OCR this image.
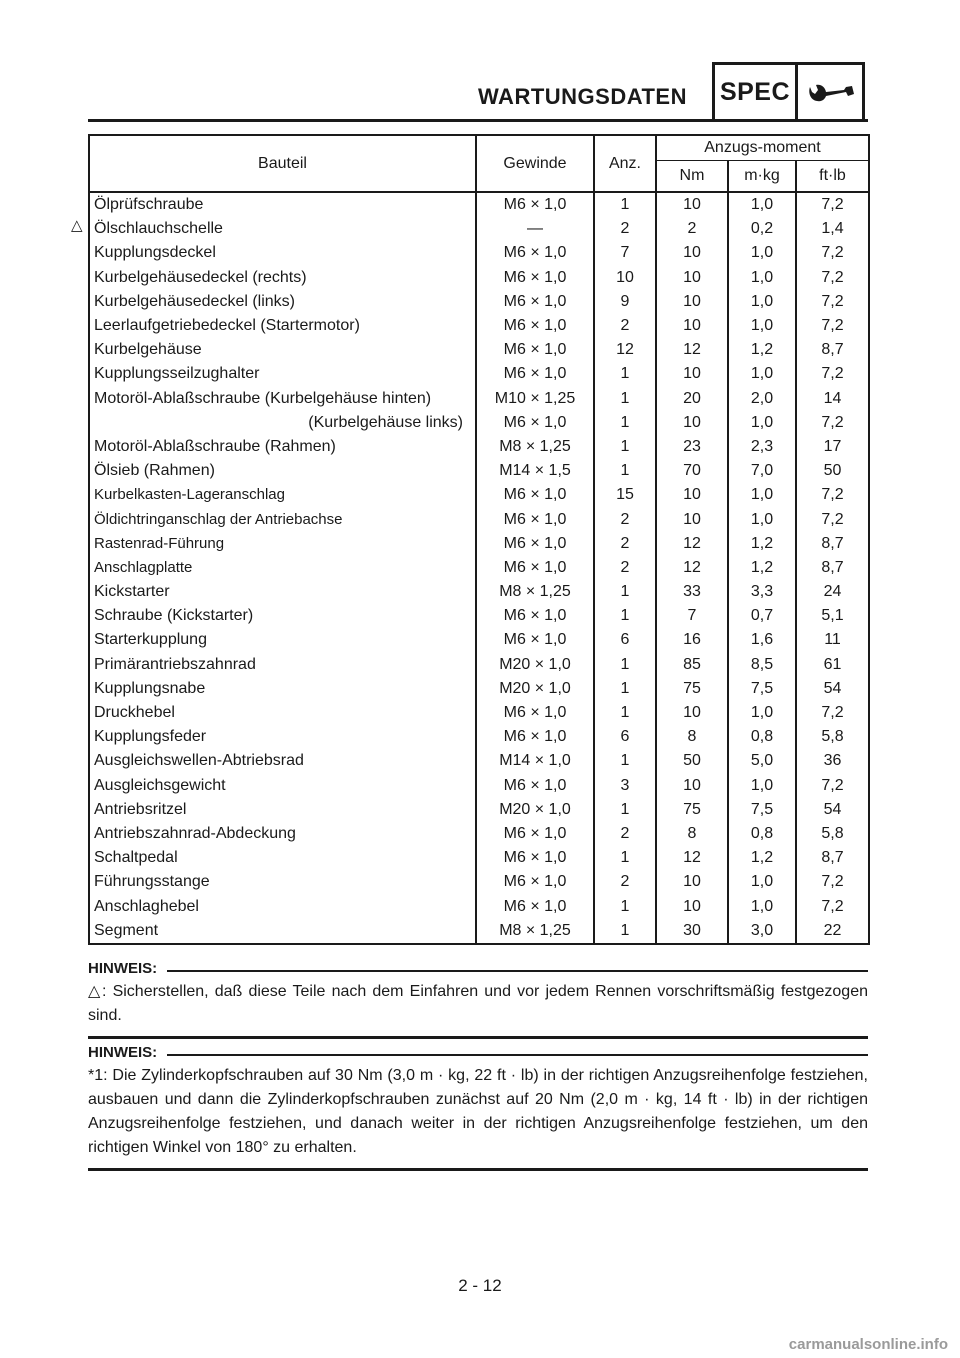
WARTUNGSDATEN SPEC
△
Bauteil	Gewinde	Anz.	Anzugs-moment		
			Nm	m·kg	ft·lb
Ölprüfschraube	M6 × 1,0	1	10	1,0	7,2
Ölschlauchschelle	—	2	2	0,2	1,4
Kupplungsdeckel	M6 × 1,0	7	10	1,0	7,2
Kurbelgehäusedeckel (rechts)	M6 × 1,0	10	10	1,0	7,2
Kurbelgehäusedeckel (links)	M6 × 1,0	9	10	1,0	7,2
Leerlaufgetriebedeckel (Startermotor)	M6 × 1,0	2	10	1,0	7,2
Kurbelgehäuse	M6 × 1,0	12	12	1,2	8,7
Kupplungsseilzughalter	M6 × 1,0	1	10	1,0	7,2
Motoröl-Ablaßschraube (Kurbelgehäuse hinten)	M10 × 1,25	1	20	2,0	14
(Kurbelgehäuse links)	M6 × 1,0	1	10	1,0	7,2
Motoröl-Ablaßschraube (Rahmen)	M8 × 1,25	1	23	2,3	17
Ölsieb (Rahmen)	M14 × 1,5	1	70	7,0	50
Kurbelkasten-Lageranschlag	M6 × 1,0	15	10	1,0	7,2
Öldichtringanschlag der Antriebachse	M6 × 1,0	2	10	1,0	7,2
Rastenrad-Führung	M6 × 1,0	2	12	1,2	8,7
Anschlagplatte	M6 × 1,0	2	12	1,2	8,7
Kickstarter	M8 × 1,25	1	33	3,3	24
Schraube (Kickstarter)	M6 × 1,0	1	7	0,7	5,1
Starterkupplung	M6 × 1,0	6	16	1,6	11
Primärantriebszahnrad	M20 × 1,0	1	85	8,5	61
Kupplungsnabe	M20 × 1,0	1	75	7,5	54
Druckhebel	M6 × 1,0	1	10	1,0	7,2
Kupplungsfeder	M6 × 1,0	6	8	0,8	5,8
Ausgleichswellen-Abtriebsrad	M14 × 1,0	1	50	5,0	36
Ausgleichsgewicht	M6 × 1,0	3	10	1,0	7,2
Antriebsritzel	M20 × 1,0	1	75	7,5	54
Antriebszahnrad-Abdeckung	M6 × 1,0	2	8	0,8	5,8
Schaltpedal	M6 × 1,0	1	12	1,2	8,7
Führungsstange	M6 × 1,0	2	10	1,0	7,2
Anschlaghebel	M6 × 1,0	1	10	1,0	7,2
Segment	M8 × 1,25	1	30	3,0	22
HINWEIS:
△: Sicherstellen, daß diese Teile nach dem Einfahren und vor jedem Rennen vorschriftsmäßig festgezogen sind.
HINWEIS:
*1: Die Zylinderkopfschrauben auf 30 Nm (3,0 m · kg, 22 ft · lb) in der richtigen Anzugsreihenfolge festziehen, ausbauen und dann die Zylinderkopfschrauben zunächst auf 20 Nm (2,0 m · kg, 14 ft · lb) in der richtigen Anzugsreihenfolge festziehen, und danach weiter in der richtigen Anzugsreihenfolge festziehen, um den richtigen Winkel von 180° zu erhalten.
2 - 12
carmanualsonline.info
